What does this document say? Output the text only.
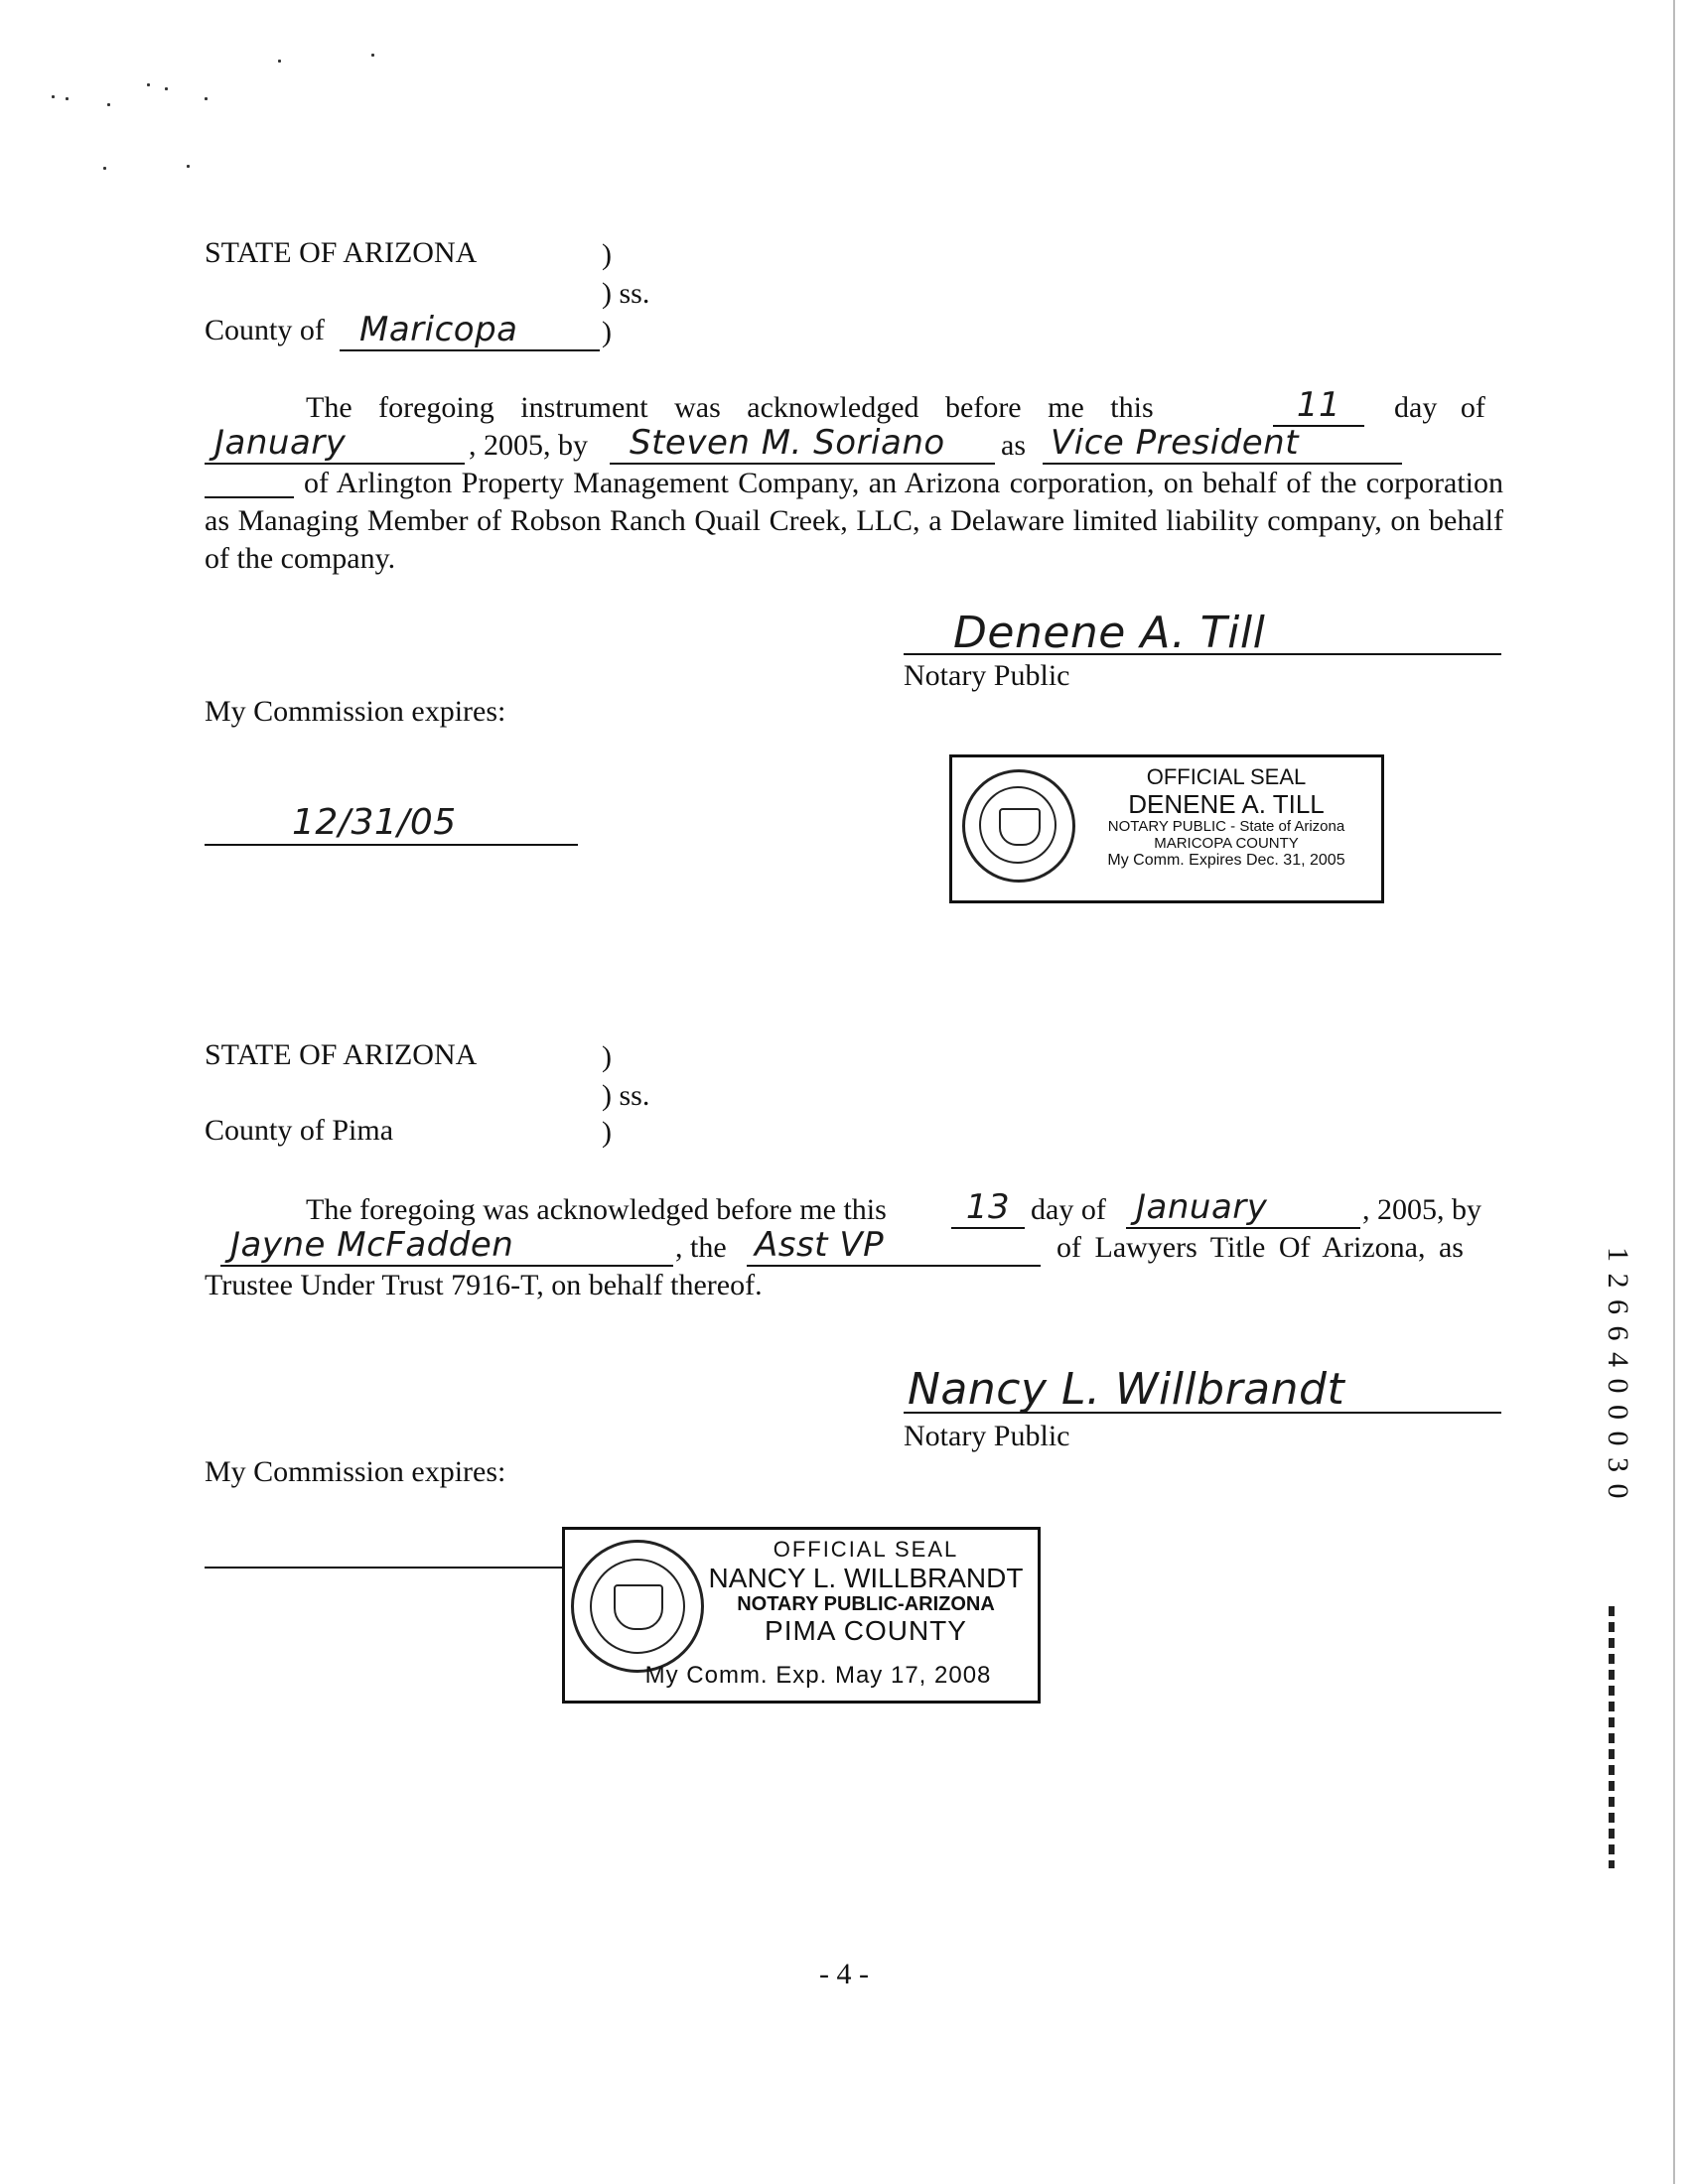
STATE OF ARIZONA	)
) ss.
County of	Maricopa	)
The foregoing instrument was acknowledged before me this	11	day of
January	, 2005, by	Steven M. Soriano	as Vice President
of Arlington Property Management Company, an Arizona corporation, on behalf of the corporation as Managing Member of Robson Ranch Quail Creek, LLC, a Delaware limited liability company, on behalf of the company.
Denene A. Till
Notary Public
My Commission expires:
12/31/05
OFFICIAL SEAL
DENENE A. TILL
NOTARY PUBLIC - State of Arizona
MARICOPA COUNTY
My Comm. Expires Dec. 31, 2005
STATE OF ARIZONA	)
) ss.
County of Pima	)
The foregoing was acknowledged before me this	13 day of January	, 2005, by
Jayne McFadden	, the Asst VP	of Lawyers Title Of Arizona, as
Trustee Under Trust 7916-T, on behalf thereof.
Nancy L. Willbrandt
Notary Public
My Commission expires:
OFFICIAL SEAL
NANCY L. WILLBRANDT
NOTARY PUBLIC-ARIZONA
PIMA COUNTY
My Comm. Exp. May 17, 2008
1 2 6 6 4 0 0 0 3 0
- 4 -
